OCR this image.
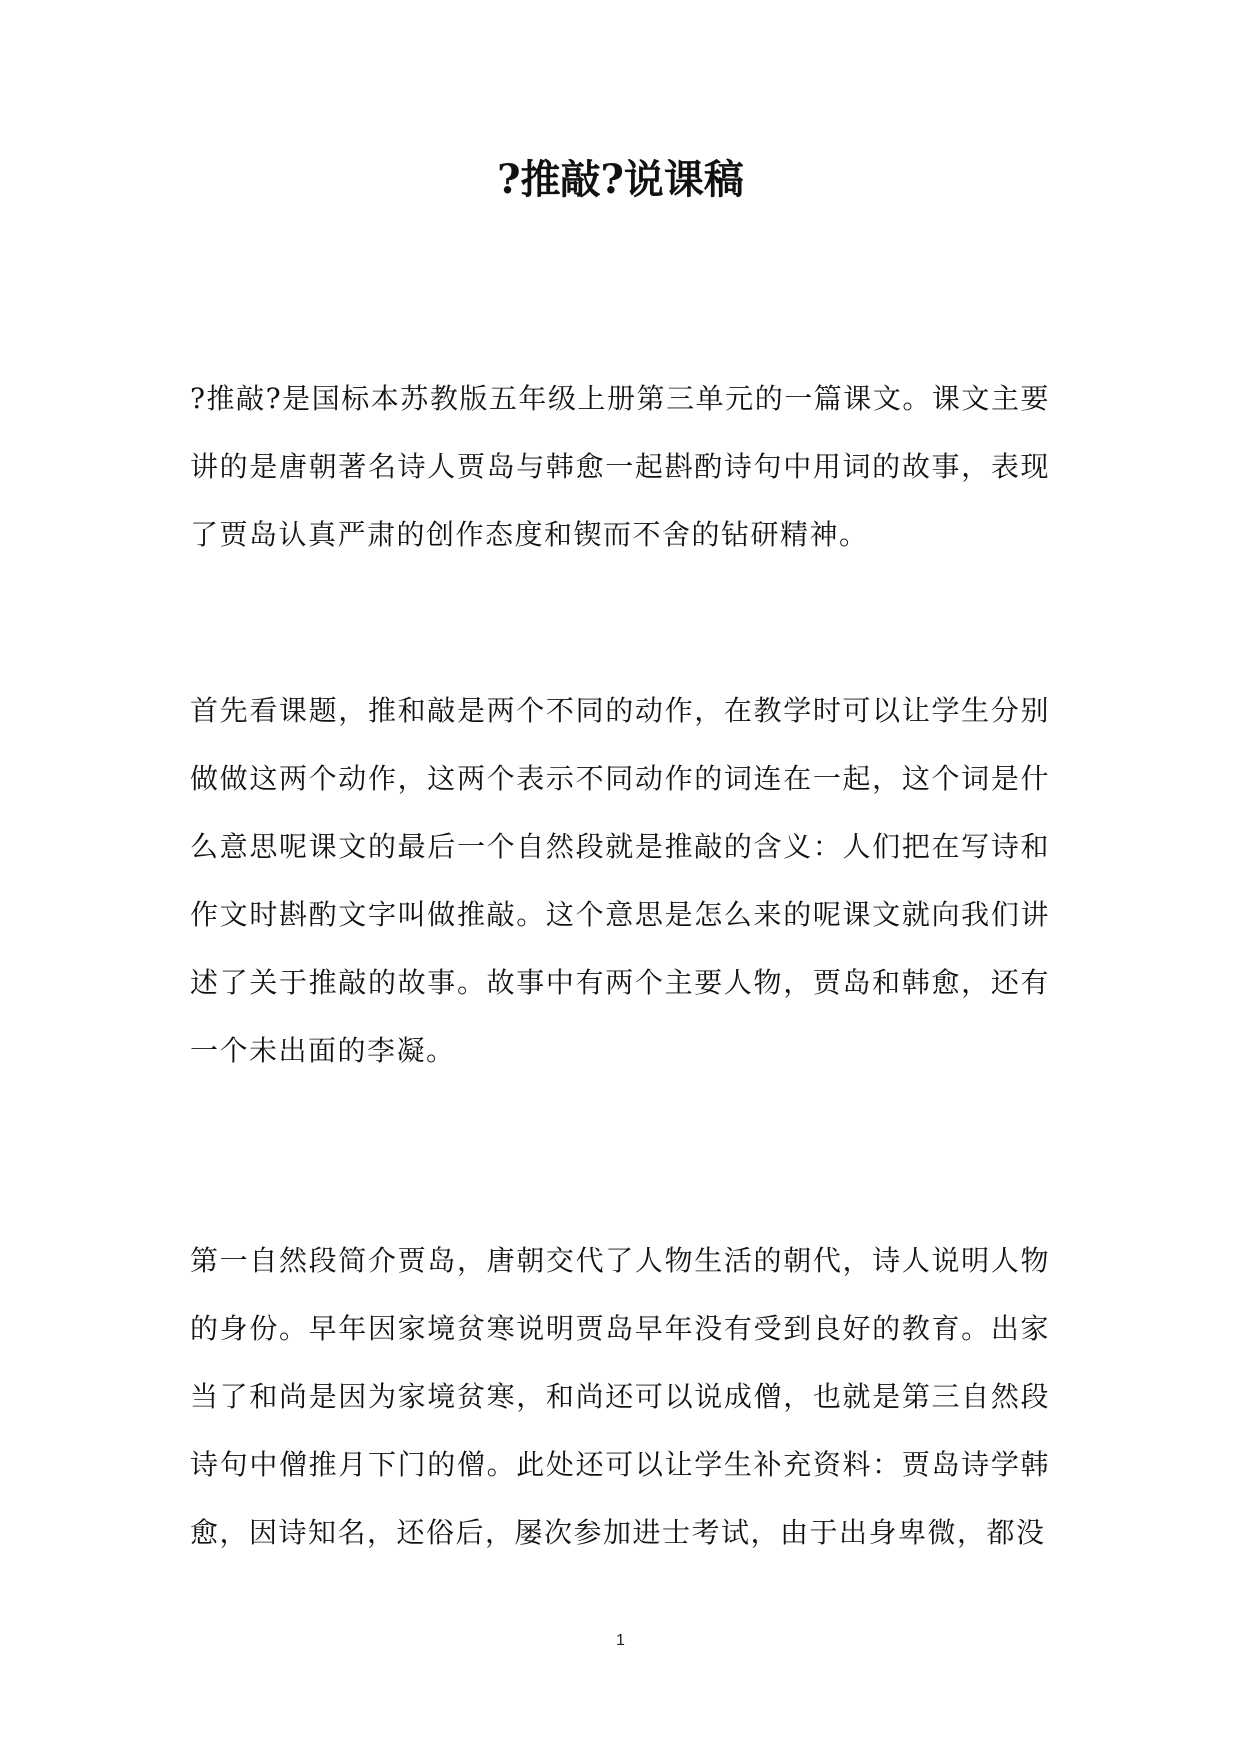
?推敲?说课稿

?推敲?是国标本苏教版五年级上册第三单元的一篇课文。课文主要讲的是唐朝著名诗人贾岛与韩愈一起斟酌诗句中用词的故事，表现了贾岛认真严肃的创作态度和锲而不舍的钻研精神。

首先看课题，推和敲是两个不同的动作，在教学时可以让学生分别做做这两个动作，这两个表示不同动作的词连在一起，这个词是什么意思呢课文的最后一个自然段就是推敲的含义：人们把在写诗和作文时斟酌文字叫做推敲。这个意思是怎么来的呢课文就向我们讲述了关于推敲的故事。故事中有两个主要人物，贾岛和韩愈，还有一个未出面的李凝。

第一自然段简介贾岛，唐朝交代了人物生活的朝代，诗人说明人物的身份。早年因家境贫寒说明贾岛早年没有受到良好的教育。出家当了和尚是因为家境贫寒，和尚还可以说成僧，也就是第三自然段诗句中僧推月下门的僧。此处还可以让学生补充资料：贾岛诗学韩愈，因诗知名，还俗后，屡次参加进士考试，由于出身卑微，都没

1
